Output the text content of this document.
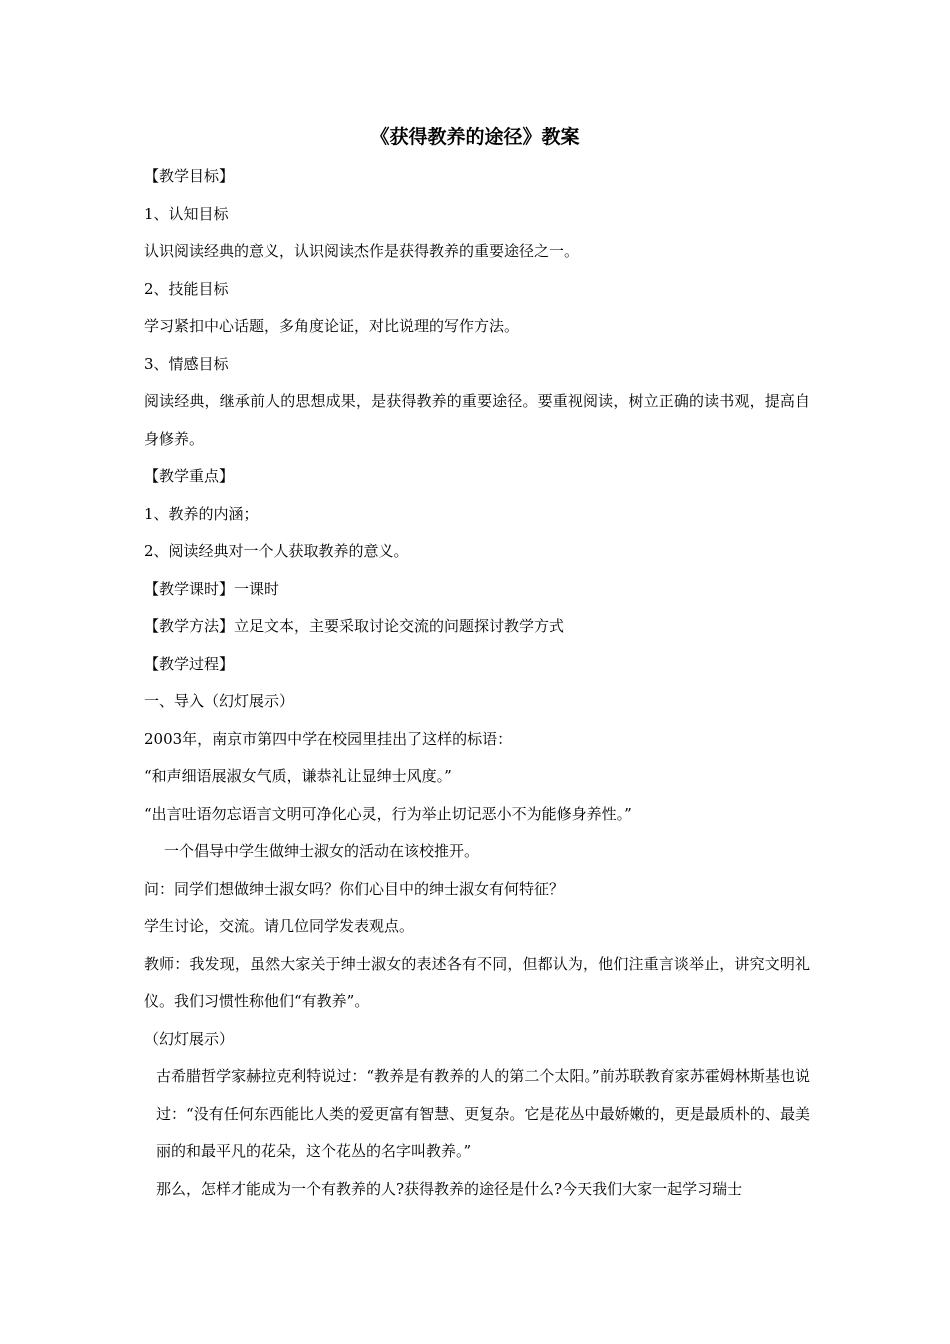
《获得教养的途径》教案

【教学目标】

1、认知目标

认识阅读经典的意义，认识阅读杰作是获得教养的重要途径之一。

2、技能目标

学习紧扣中心话题，多角度论证，对比说理的写作方法。

3、情感目标

阅读经典，继承前人的思想成果，是获得教养的重要途径。要重视阅读，树立正确的读书观，提高自身修养。

【教学重点】

1、教养的内涵；

2、阅读经典对一个人获取教养的意义。

【教学课时】一课时

【教学方法】立足文本，主要采取讨论交流的问题探讨教学方式

【教学过程】

一、导入（幻灯展示）

2003年，南京市第四中学在校园里挂出了这样的标语：

“和声细语展淑女气质，谦恭礼让显绅士风度。”

“出言吐语勿忘语言文明可净化心灵，行为举止切记恶小不为能修身养性。”

一个倡导中学生做绅士淑女的活动在该校推开。

问：同学们想做绅士淑女吗？你们心目中的绅士淑女有何特征？

学生讨论，交流。请几位同学发表观点。

教师：我发现，虽然大家关于绅士淑女的表述各有不同，但都认为，他们注重言谈举止，讲究文明礼仪。我们习惯性称他们“有教养”。

（幻灯展示）

古希腊哲学家赫拉克利特说过：“教养是有教养的人的第二个太阳。”前苏联教育家苏霍姆林斯基也说过：“没有任何东西能比人类的爱更富有智慧、更复杂。它是花丛中最娇嫩的，更是最质朴的、最美丽的和最平凡的花朵，这个花丛的名字叫教养。”

那么，怎样才能成为一个有教养的人?获得教养的途径是什么?今天我们大家一起学习瑞士
